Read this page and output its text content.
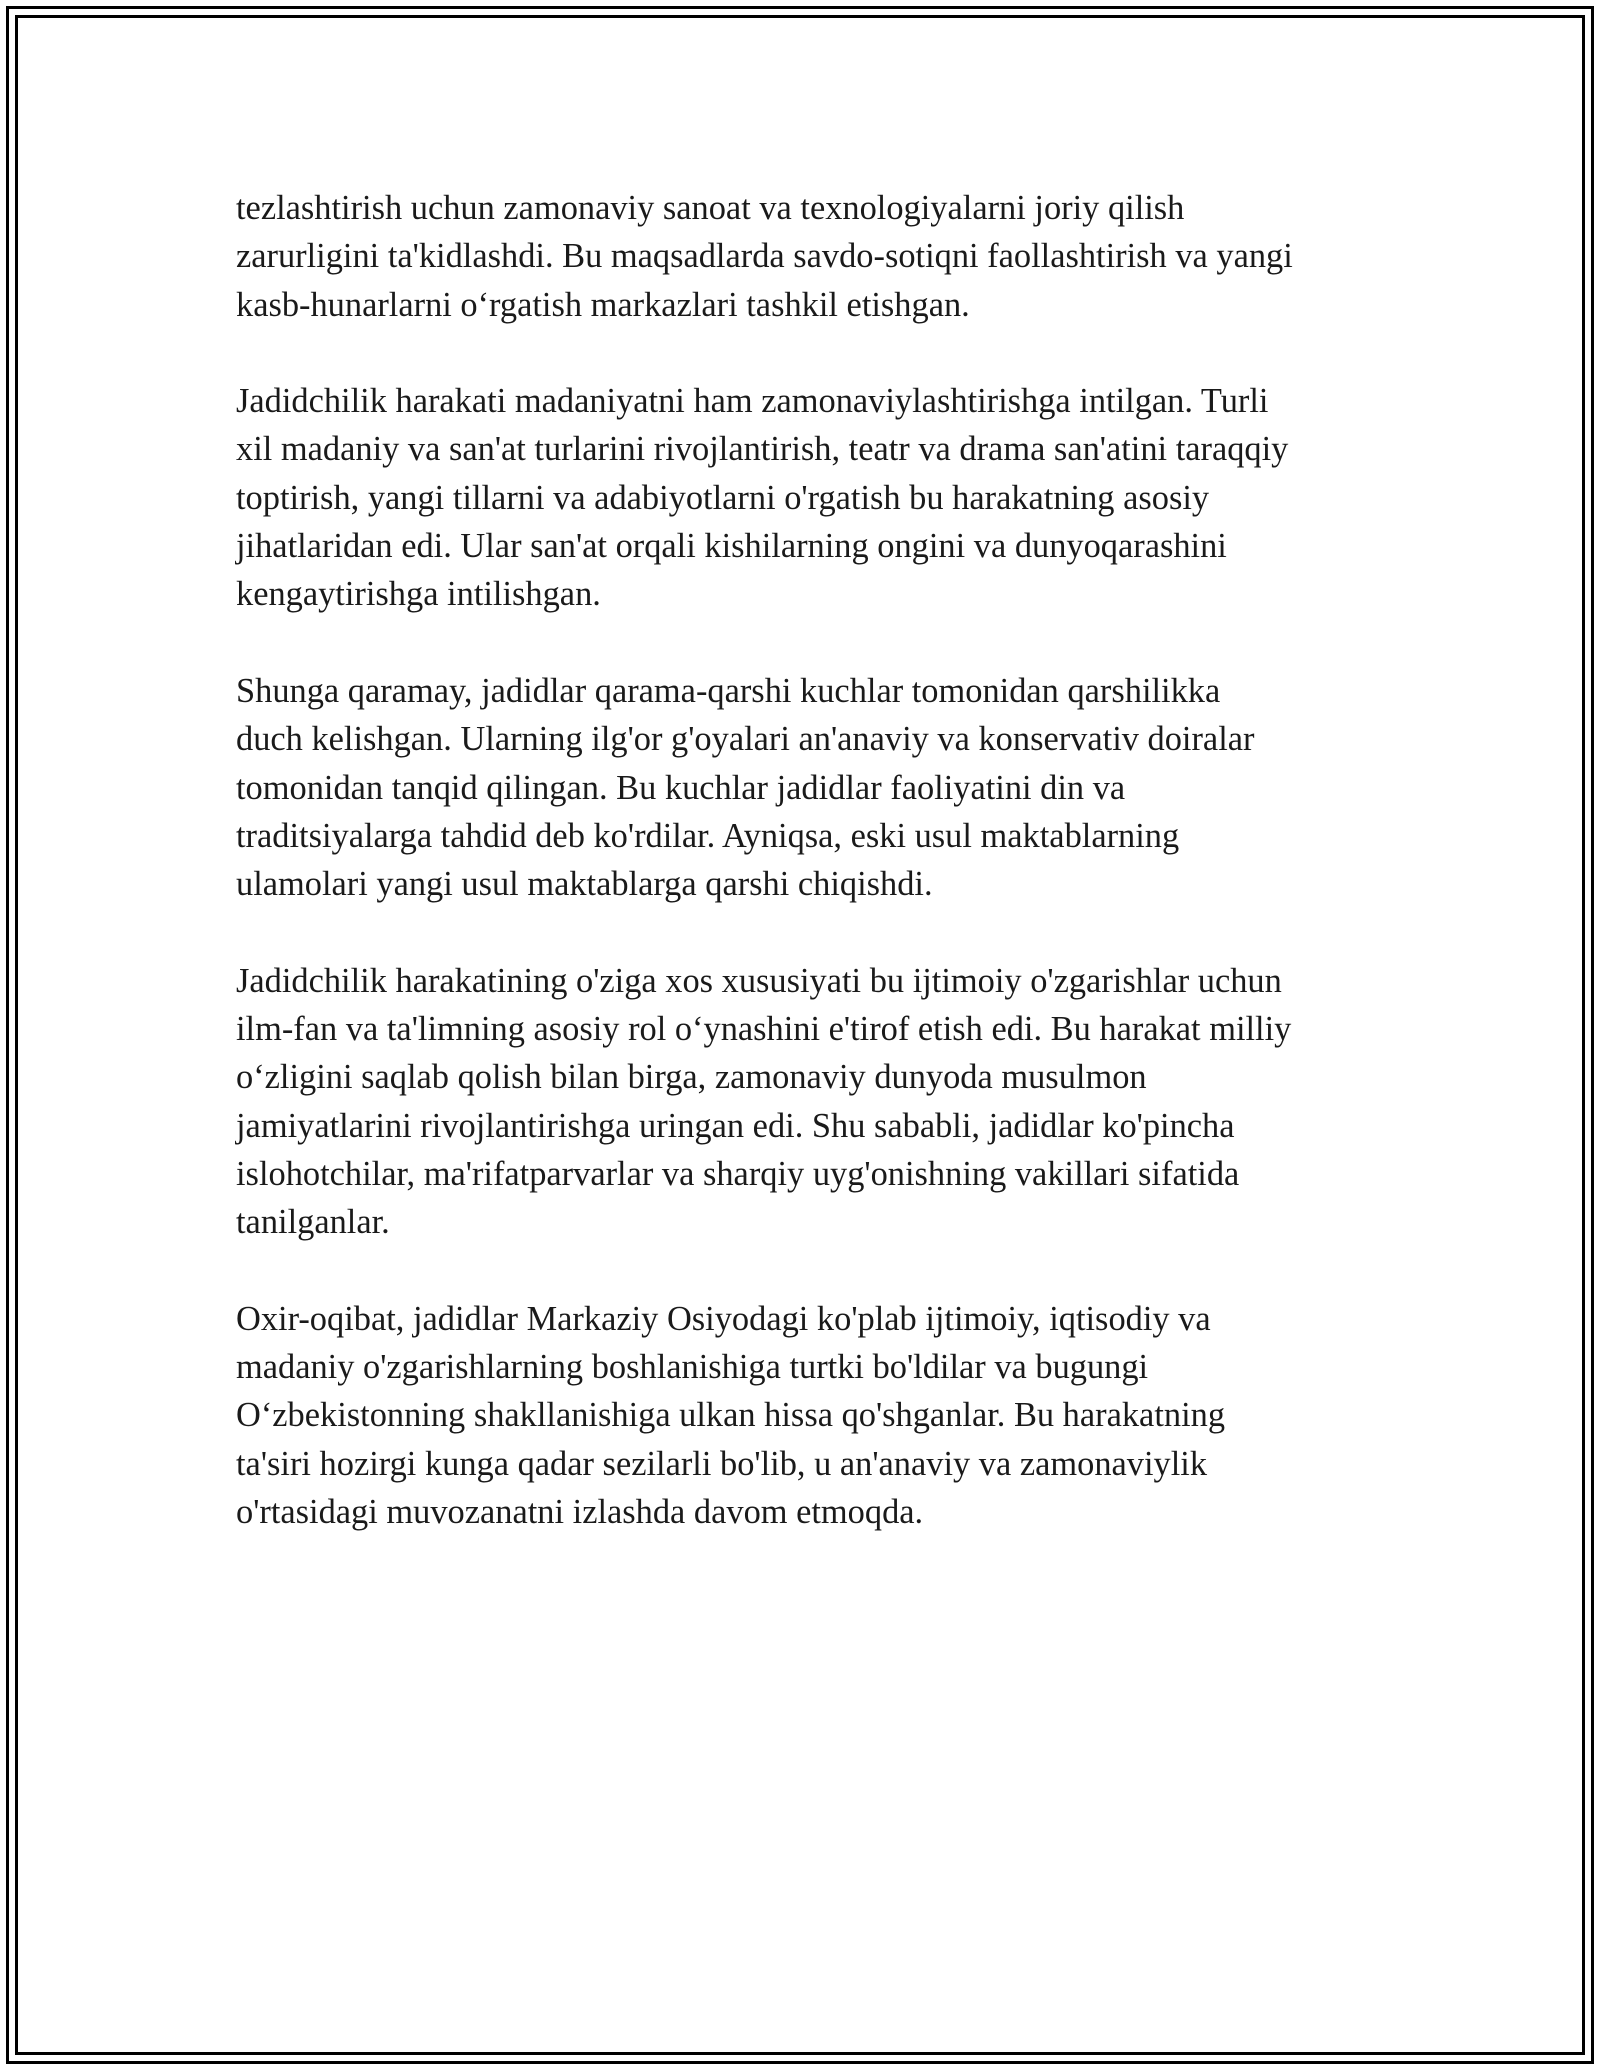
tezlashtirish uchun zamonaviy sanoat va texnologiyalarni joriy qilish
zarurligini ta'kidlashdi. Bu maqsadlarda savdo-sotiqni faollashtirish va yangi
kasb-hunarlarni o‘rgatish markazlari tashkil etishgan.

Jadidchilik harakati madaniyatni ham zamonaviylashtirishga intilgan. Turli
xil madaniy va san'at turlarini rivojlantirish, teatr va drama san'atini taraqqiy
toptirish, yangi tillarni va adabiyotlarni o'rgatish bu harakatning asosiy
jihatlaridan edi. Ular san'at orqali kishilarning ongini va dunyoqarashini
kengaytirishga intilishgan.

Shunga qaramay, jadidlar qarama-qarshi kuchlar tomonidan qarshilikka
duch kelishgan. Ularning ilg'or g'oyalari an'anaviy va konservativ doiralar
tomonidan tanqid qilingan. Bu kuchlar jadidlar faoliyatini din va
traditsiyalarga tahdid deb ko'rdilar. Ayniqsa, eski usul maktablarning
ulamolari yangi usul maktablarga qarshi chiqishdi.

Jadidchilik harakatining o'ziga xos xususiyati bu ijtimoiy o'zgarishlar uchun
ilm-fan va ta'limning asosiy rol o‘ynashini e'tirof etish edi. Bu harakat milliy
o‘zligini saqlab qolish bilan birga, zamonaviy dunyoda musulmon
jamiyatlarini rivojlantirishga uringan edi. Shu sababli, jadidlar ko'pincha
islohotchilar, ma'rifatparvarlar va sharqiy uyg'onishning vakillari sifatida
tanilganlar.

Oxir-oqibat, jadidlar Markaziy Osiyodagi ko'plab ijtimoiy, iqtisodiy va
madaniy o'zgarishlarning boshlanishiga turtki bo'ldilar va bugungi
O‘zbekistonning shakllanishiga ulkan hissa qo'shganlar. Bu harakatning
ta'siri hozirgi kunga qadar sezilarli bo'lib, u an'anaviy va zamonaviylik
o'rtasidagi muvozanatni izlashda davom etmoqda.
